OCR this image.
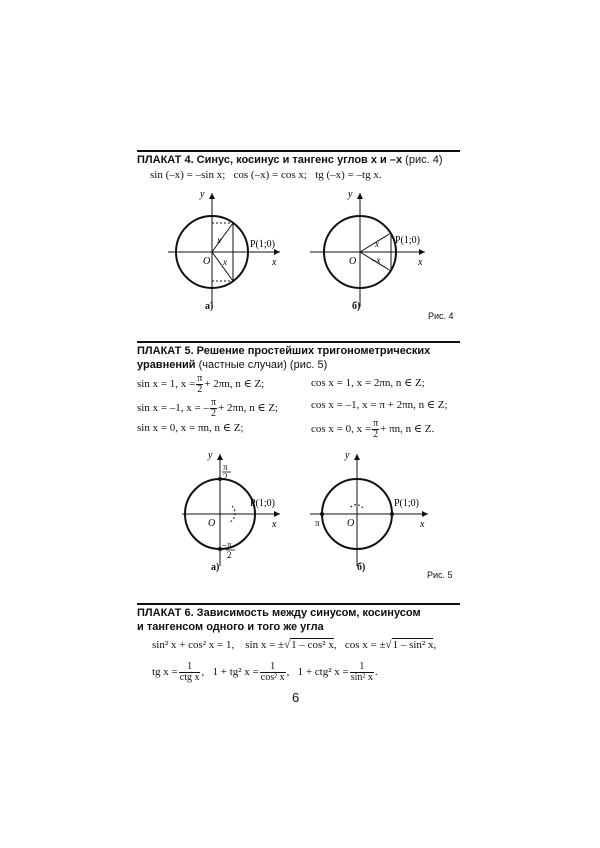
ПЛАКАТ 4. Синус, косинус и тангенс углов x и –x (рис. 4)
sin (–x) = –sin x; cos (–x) = cos x; tg (–x) = –tg x.
y
x
O
P(1;0)
x
x
y
x
O
P(1;0)
x
–x
а)	б)
Рис. 4
ПЛАКАТ 5. Решение простейших тригонометрических
уравнений (частные случаи) (рис. 5)
sin x = 1, $x = \frac{\pi}{2} + 2\pi n$, n ∈ Z;
sin x = –1, x = – $\frac{\pi}{2} + 2\pi n$, n ∈ Z;
sin x = 0, x = πn, n ∈ Z;
cos x = 1, x = 2πn, n ∈ Z;
cos x = –1, x = π + 2πn, n ∈ Z;
cos x = 0, $x = \frac{\pi}{2} + \pi n$, n ∈ Z.
y
x
O
P(1;0)
π
2
– π
2
y
x
O
P(1;0)
π
а)	б)
Рис. 5
ПЛАКАТ 6. Зависимость между синусом, косинусом
и тангенсом одного и того же угла
sin² x + cos² x = 1, sin x = ±√1 – cos² x,   cos x = ±√1 – sin² x,
tg $x = \frac{1}{\text{ctg x}}$ ,   1 + tg² $x = \frac{1}{\text{cos² x}}$ ,   1 + ctg² $x = \frac{1}{\text{sin² x}}$ .
6
